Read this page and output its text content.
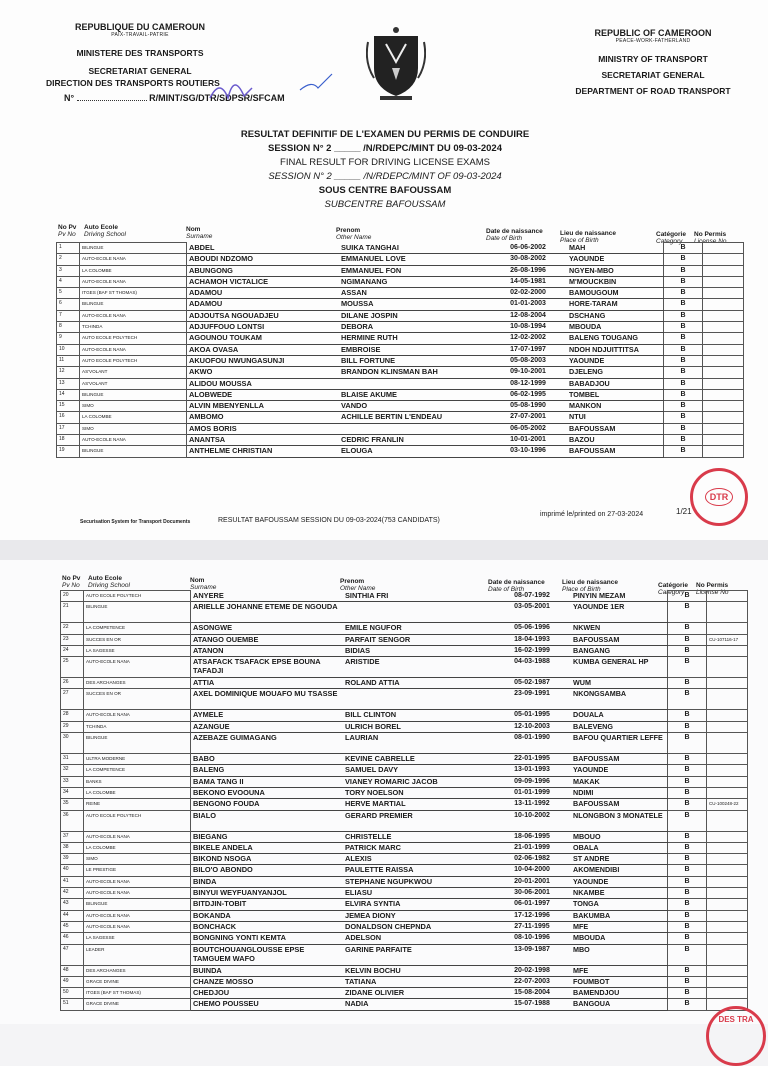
REPUBLIQUE DU CAMEROUN
PAIX-TRAVAIL-PATRIE
MINISTERE DES TRANSPORTS
SECRETARIAT GENERAL
DIRECTION DES TRANSPORTS ROUTIERS
N°	R/MINT/SG/DTR/SDPSR/SFCAM
REPUBLIC OF CAMEROON
PEACE-WORK-FATHERLAND
MINISTRY OF TRANSPORT
SECRETARIAT GENERAL
DEPARTMENT OF ROAD TRANSPORT
RESULTAT DEFINITIF DE L'EXAMEN DU PERMIS DE CONDUIRE
SESSION N° 2 _____ /N/RDEPC/MINT DU 09-03-2024
FINAL RESULT FOR DRIVING LICENSE EXAMS
SESSION N° 2 _____ /N/RDEPC/MINT OF 09-03-2024
SOUS CENTRE BAFOUSSAM
SUBCENTRE BAFOUSSAM
No Pv
Pv No
Auto Ecole
Driving School
Nom
Surname
Prenom
Other Name
Date de naissance
Date of Birth
Lieu de naissance
Place of Birth
Catégorie
Category
No Permis
License No
1	BILINGUE	ABDEL	SUIKA TANGHAI	06-06-2002	MAH	B	
2	AUTO-ECOLE NANA	ABOUDI NDZOMO	EMMANUEL LOVE	30-08-2002	YAOUNDE	B	
3	LA COLOMBE	ABUNGONG	EMMANUEL FON	26-08-1996	NGYEN-MBO	B	
4	AUTO-ECOLE NANA	ACHAMOH VICTALICE	NGIMANANG	14-05-1981	M'MOUCKBIN	B	
5	ITGES (BAF ST THOMAS)	ADAMOU	ASSAN	02-02-2000	BAMOUGOUM	B	
6	BILINGUE	ADAMOU	MOUSSA	01-01-2003	HORE-TARAM	B	
7	AUTO-ECOLE NANA	ADJOUTSA NGOUADJEU	DILANE JOSPIN	12-08-2004	DSCHANG	B	
8	TCHINDA	ADJUFFOUO LONTSI	DEBORA	10-08-1994	MBOUDA	B	
9	AUTO ECOLE POLYTECH	AGOUNOU TOUKAM	HERMINE RUTH	12-02-2002	BALENG TOUGANG	B	
10	AUTO-ECOLE NANA	AKOA OVASA	EMBROISE	17-07-1997	NDOH NDJUITTITSA	B	
11	AUTO ECOLE POLYTECH	AKUOFOU NWUNGASUNJI	BILL FORTUNE	05-08-2003	YAOUNDE	B	
12	AS'VOLANT	AKWO	BRANDON KLINSMAN BAH	09-10-2001	DJELENG	B	
13	AS'VOLANT	ALIDOU MOUSSA		08-12-1999	BABADJOU	B	
14	BILINGUE	ALOBWEDE	BLAISE AKUME	06-02-1995	TOMBEL	B	
15	SIMO	ALVIN MBENYENLLA	VANDO	05-08-1990	MANKON	B	
16	LA COLOMBE	AMBOMO	ACHILLE BERTIN L'ENDEAU	27-07-2001	NTUI	B	
17	SIMO	AMOS BORIS		06-05-2002	BAFOUSSAM	B	
18	AUTO-ECOLE NANA	ANANTSA	CEDRIC FRANLIN	10-01-2001	BAZOU	B	
19	BILINGUE	ANTHELME CHRISTIAN	ELOUGA	03-10-1996	BAFOUSSAM	B	
DTR
Securisation System for Transport Documents	RESULTAT BAFOUSSAM SESSION DU 09-03-2024(753 CANDIDATS)
imprimé le/printed on 27-03-2024	1/21
No Pv
Pv No
Auto Ecole
Driving School
Nom
Surname
Prenom
Other Name
Date de naissance
Date of Birth
Lieu de naissance
Place of Birth
Catégorie
Category
No Permis
License No
20	AUTO ECOLE POLYTECH	ANYERE	SINTHIA FRI	08-07-1992	PINYIN MEZAM	B	
21	BILINGUE	ARIELLE JOHANNE ETEME DE NGOUDA		03-05-2001	YAOUNDE 1ER	B	
22	LA COMPETENCE	ASONGWE	EMILE NGUFOR	05-06-1996	NKWEN	B	
23	SUCCES EN OR	ATANGO OUEMBE	PARFAIT SENGOR	18-04-1993	BAFOUSSAM	B	CU-107116-17
24	LA SAGESSE	ATANON	BIDIAS	16-02-1999	BANGANG	B	
25	AUTO-ECOLE NANA	ATSAFACK TSAFACK EPSE BOUNA TAFADJI	ARISTIDE	04-03-1988	KUMBA GENERAL HP	B	
26	DES ARCHANGES	ATTIA	ROLAND ATTIA	05-02-1987	WUM	B	
27	SUCCES EN OR	AXEL DOMINIQUE MOUAFO MU TSASSE		23-09-1991	NKONGSAMBA	B	
28	AUTO-ECOLE NANA	AYMELE	BILL CLINTON	05-01-1995	DOUALA	B	
29	TCHINDA	AZANGUE	ULRICH BOREL	12-10-2003	BALEVENG	B	
30	BILINGUE	AZEBAZE GUIMAGANG	LAURIAN	08-01-1990	BAFOU QUARTIER LEFFE	B	
31	ULTRA MODERNE	BABO	KEVINE CABRELLE	22-01-1995	BAFOUSSAM	B	
32	LA COMPETENCE	BALENG	SAMUEL DAVY	13-01-1993	YAOUNDE	B	
33	BANKS	BAMA TANG II	VIANEY ROMARIC JACOB	09-09-1996	MAKAK	B	
34	LA COLOMBE	BEKONO EVOOUNA	TORY NOELSON	01-01-1999	NDIMI	B	
35	REINE	BENGONO FOUDA	HERVE MARTIAL	13-11-1992	BAFOUSSAM	B	CU-100248-22
36	AUTO ECOLE POLYTECH	BIALO	GERARD PREMIER	10-10-2002	NLONGBON 3 MONATELE	B	
37	AUTO-ECOLE NANA	BIEGANG	CHRISTELLE	18-06-1995	MBOUO	B	
38	LA COLOMBE	BIKELE ANDELA	PATRICK MARC	21-01-1999	OBALA	B	
39	SIMO	BIKOND NSOGA	ALEXIS	02-06-1982	ST ANDRE	B	
40	LE PRESTIGE	BILO'O ABONDO	PAULETTE RAISSA	10-04-2000	AKOMENDIBI	B	
41	AUTO-ECOLE NANA	BINDA	STEPHANE NGUPKWOU	20-01-2001	YAOUNDE	B	
42	AUTO-ECOLE NANA	BINYUI WEYFUANYANJOL	ELIASU	30-06-2001	NKAMBE	B	
43	BILINGUE	BITDJIN-TOBIT	ELVIRA SYNTIA	06-01-1997	TONGA	B	
44	AUTO-ECOLE NANA	BOKANDA	JEMEA DIONY	17-12-1996	BAKUMBA	B	
45	AUTO-ECOLE NANA	BONCHACK	DONALDSON CHEPNDA	27-11-1995	MFE	B	
46	LA SAGESSE	BONGNING YONTI KEMTA	ADELSON	08-10-1996	MBOUDA	B	
47	LEADER	BOUTCHOUANGLOUSSE EPSE TAMGUEM WAFO	GARINE PARFAITE	13-09-1987	MBO	B	
48	DES ARCHANGES	BUINDA	KELVIN BOCHU	20-02-1998	MFE	B	
49	GRACE DIVINE	CHANZE MOSSO	TATIANA	22-07-2003	FOUMBOT	B	
50	ITGES (BAF ST THOMAS)	CHEDJOU	ZIDANE OLIVIER	15-08-2004	BAMENDJOU	B	
51	GRACE DIVINE	CHEMO POUSSEU	NADIA	15-07-1988	BANGOUA	B	
DES TRA
